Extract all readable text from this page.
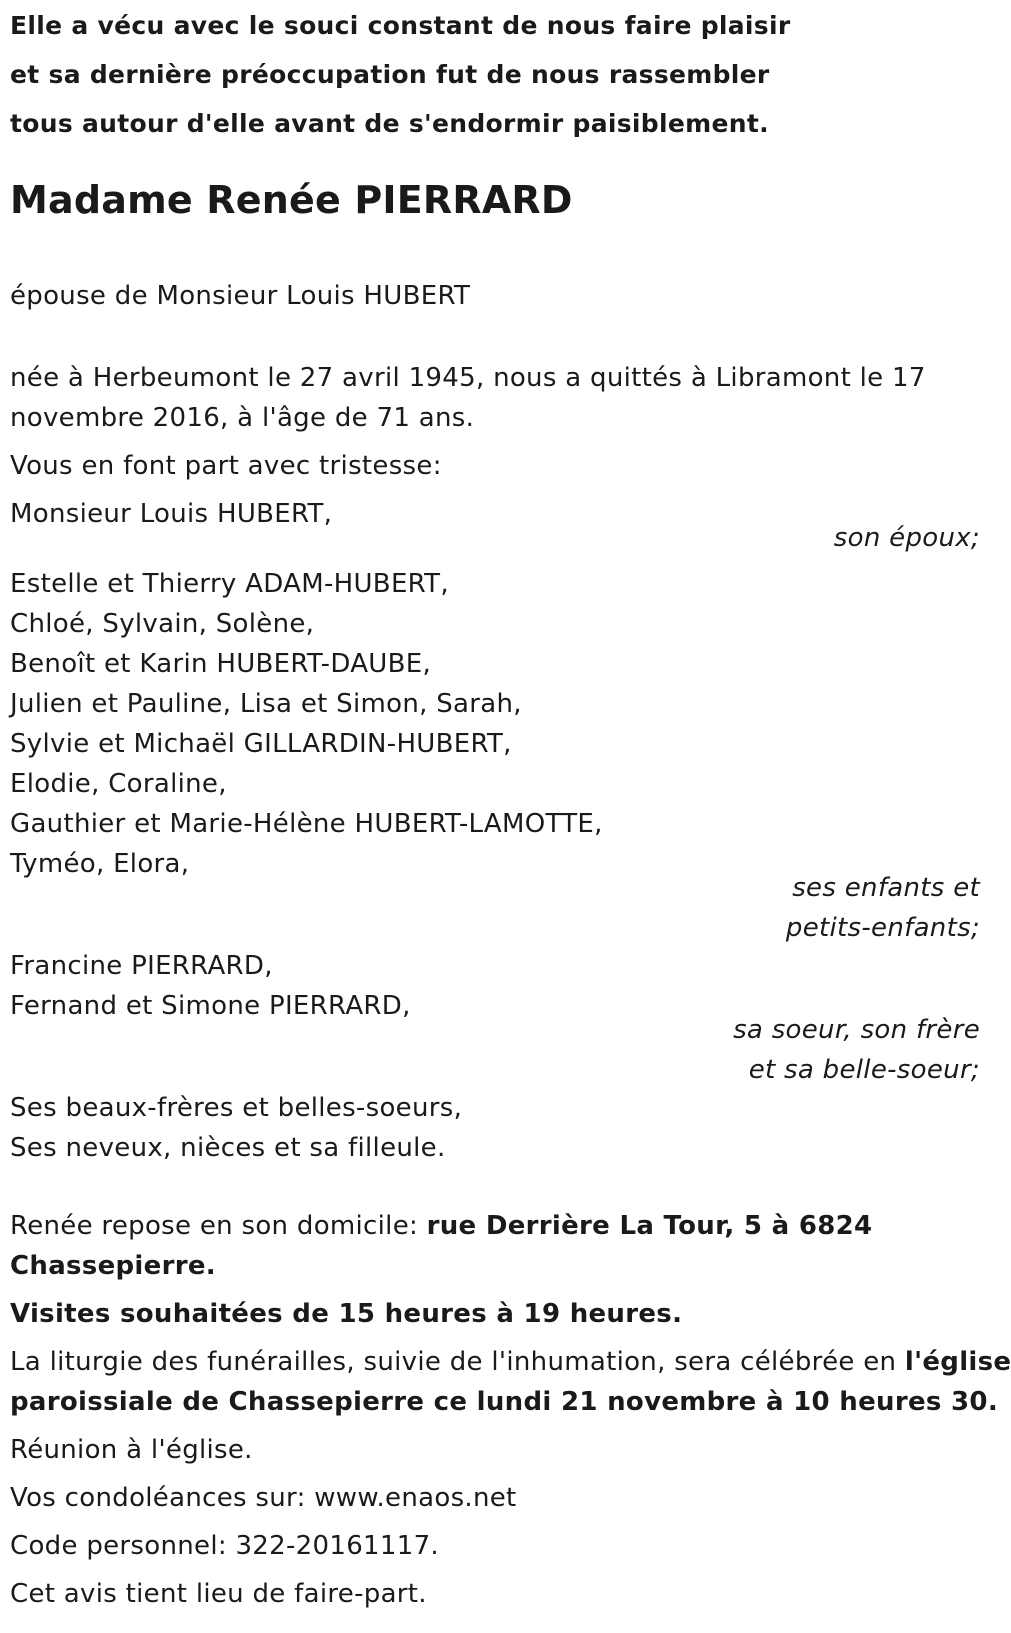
Elle a vécu avec le souci constant de nous faire plaisir
et sa dernière préoccupation fut de nous rassembler
tous autour d'elle avant de s'endormir paisiblement.
Madame Renée PIERRARD
épouse de Monsieur Louis HUBERT
née à Herbeumont le 27 avril 1945, nous a quittés à Libramont le 17
novembre 2016, à l'âge de 71 ans.
Vous en font part avec tristesse:
Monsieur Louis HUBERT,
son époux;
Estelle et Thierry ADAM-HUBERT,
Chloé, Sylvain, Solène,
Benoît et Karin HUBERT-DAUBE,
Julien et Pauline, Lisa et Simon, Sarah,
Sylvie et Michaël GILLARDIN-HUBERT,
Elodie, Coraline,
Gauthier et Marie-Hélène HUBERT-LAMOTTE,
Tyméo, Elora,
ses enfants et
petits-enfants;
Francine PIERRARD,
Fernand et Simone PIERRARD,
sa soeur, son frère
et sa belle-soeur;
Ses beaux-frères et belles-soeurs,
Ses neveux, nièces et sa filleule.
Renée repose en son domicile: rue Derrière La Tour, 5 à 6824
Chassepierre.
Visites souhaitées de 15 heures à 19 heures.
La liturgie des funérailles, suivie de l'inhumation, sera célébrée en l'église
paroissiale de Chassepierre ce lundi 21 novembre à 10 heures 30.
Réunion à l'église.
Vos condoléances sur: www.enaos.net
Code personnel: 322-20161117.
Cet avis tient lieu de faire-part.
